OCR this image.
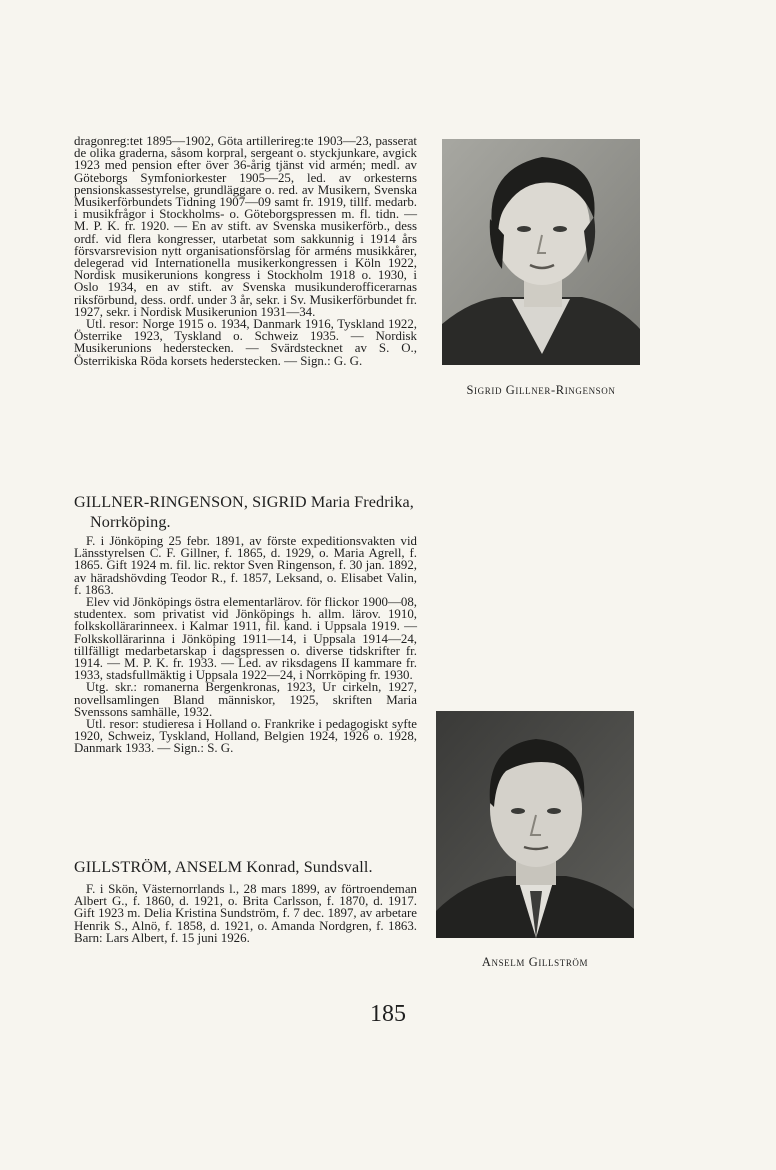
dragonreg:tet 1895—1902, Göta artillerireg:te 1903—23, passerat de olika graderna, såsom korpral, sergeant o. styckjunkare, avgick 1923 med pension efter över 36-årig tjänst vid armén; medl. av Göteborgs Symfoniorkester 1905—25, led. av orkesterns pensionskassestyrelse, grundläggare o. red. av Musikern, Svenska Musikerförbundets Tidning 1907—09 samt fr. 1919, tillf. medarb. i musikfrågor i Stockholms- o. Göteborgspressen m. fl. tidn. — M. P. K. fr. 1920. — En av stift. av Svenska musikerförb., dess ordf. vid flera kongresser, utarbetat som sakkunnig i 1914 års försvarsrevision nytt organisationsförslag för arméns musikkårer, delegerad vid Internationella musikerkongressen i Köln 1922, Nordisk musikerunions kongress i Stockholm 1918 o. 1930, i Oslo 1934, en av stift. av Svenska musikunderofficerarnas riksförbund, dess. ordf. under 3 år, sekr. i Sv. Musikerförbundet fr. 1927, sekr. i Nordisk Musikerunion 1931—34.

Utl. resor: Norge 1915 o. 1934, Danmark 1916, Tyskland 1922, Österrike 1923, Tyskland o. Schweiz 1935. — Nordisk Musikerunions hederstecken. — Svärdstecknet av S. O., Österrikiska Röda korsets hederstecken. — Sign.: G. G.

GILLNER-RINGENSON, SIGRID Maria Fredrika, Norrköping.

F. i Jönköping 25 febr. 1891, av förste expeditionsvakten vid Länsstyrelsen C. F. Gillner, f. 1865, d. 1929, o. Maria Agrell, f. 1865. Gift 1924 m. fil. lic. rektor Sven Ringenson, f. 30 jan. 1892, av häradshövding Teodor R., f. 1857, Leksand, o. Elisabet Valin, f. 1863.

Elev vid Jönköpings östra elementarlärov. för flickor 1900—08, studentex. som privatist vid Jönköpings h. allm. lärov. 1910, folkskollärarinneex. i Kalmar 1911, fil. kand. i Uppsala 1919. — Folkskollärarinna i Jönköping 1911—14, i Uppsala 1914—24, tillfälligt medarbetarskap i dagspressen o. diverse tidskrifter fr. 1914. — M. P. K. fr. 1933. — Led. av riksdagens II kammare fr. 1933, stadsfullmäktig i Uppsala 1922—24, i Norrköping fr. 1930.

Utg. skr.: romanerna Bergenkronas, 1923, Ur cirkeln, 1927, novellsamlingen Bland människor, 1925, skriften Maria Svenssons samhälle, 1932.

Utl. resor: studieresa i Holland o. Frankrike i pedagogiskt syfte 1920, Schweiz, Tyskland, Holland, Belgien 1924, 1926 o. 1928, Danmark 1933. — Sign.: S. G.

GILLSTRÖM, ANSELM Konrad, Sundsvall.

F. i Skön, Västernorrlands l., 28 mars 1899, av förtroendeman Albert G., f. 1860, d. 1921, o. Brita Carlsson, f. 1870, d. 1917. Gift 1923 m. Delia Kristina Sundström, f. 7 dec. 1897, av arbetare Henrik S., Alnö, f. 1858, d. 1921, o. Amanda Nordgren, f. 1863. Barn: Lars Albert, f. 15 juni 1926.

Sigrid Gillner-Ringenson
Anselm Gillström
185
